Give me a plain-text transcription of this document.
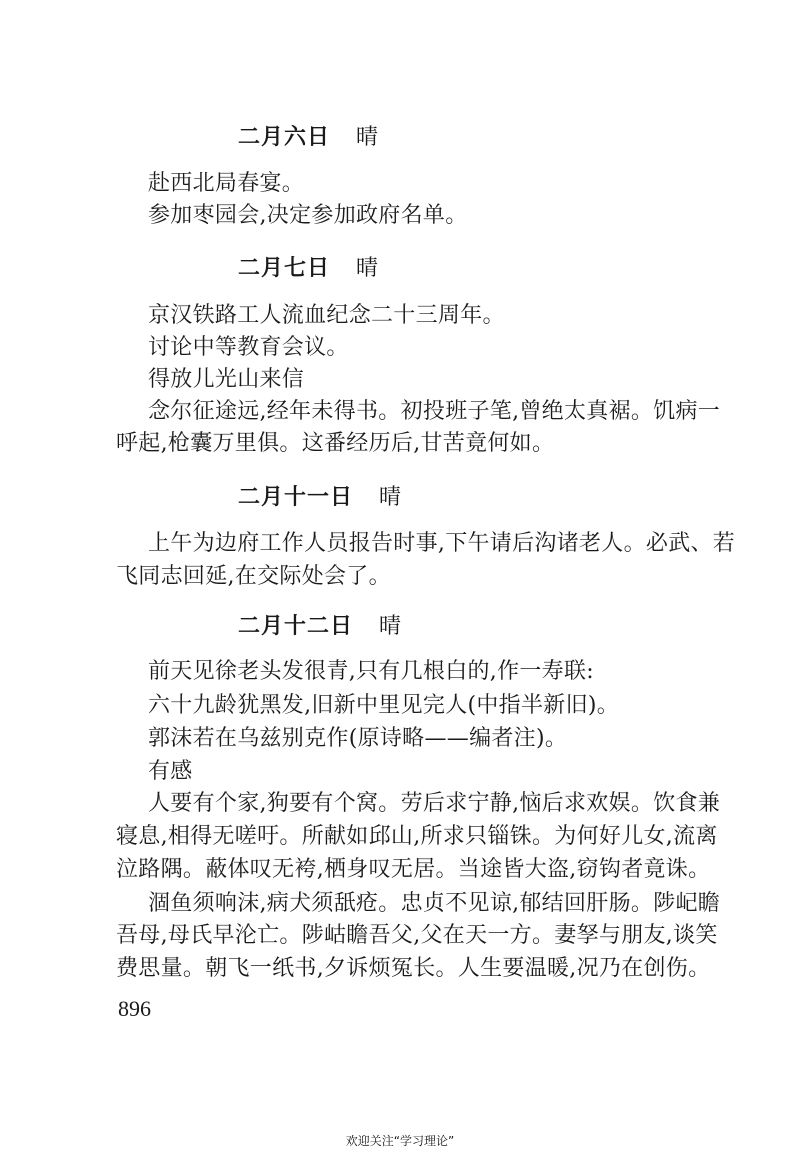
二月六日 晴
赴西北局春宴。
参加枣园会,决定参加政府名单。
二月七日 晴
京汉铁路工人流血纪念二十三周年。
讨论中等教育会议。
得放儿光山来信
念尔征途远,经年未得书。初投班子笔,曾绝太真裾。饥病一
呼起,枪囊万里俱。这番经历后,甘苦竟何如。
二月十一日 晴
上午为边府工作人员报告时事,下午请后沟诸老人。必武、若
飞同志回延,在交际处会了。
二月十二日 晴
前天见徐老头发很青,只有几根白的,作一寿联:
六十九龄犹黑发,旧新中里见完人(中指半新旧)。
郭沫若在乌兹别克作(原诗略——编者注)。
有感
人要有个家,狗要有个窝。劳后求宁静,恼后求欢娱。饮食兼
寝息,相得无嗟吁。所献如邱山,所求只锱铢。为何好儿女,流离
泣路隅。蔽体叹无袴,栖身叹无居。当途皆大盗,窃钩者竟诛。
涸鱼须响沫,病犬须舐疮。忠贞不见谅,郁结回肝肠。陟屺瞻
吾母,母氏早沦亡。陟岵瞻吾父,父在天一方。妻孥与朋友,谈笑
费思量。朝飞一纸书,夕诉烦冤长。人生要温暖,况乃在创伤。
896
欢迎关注“学习理论”
